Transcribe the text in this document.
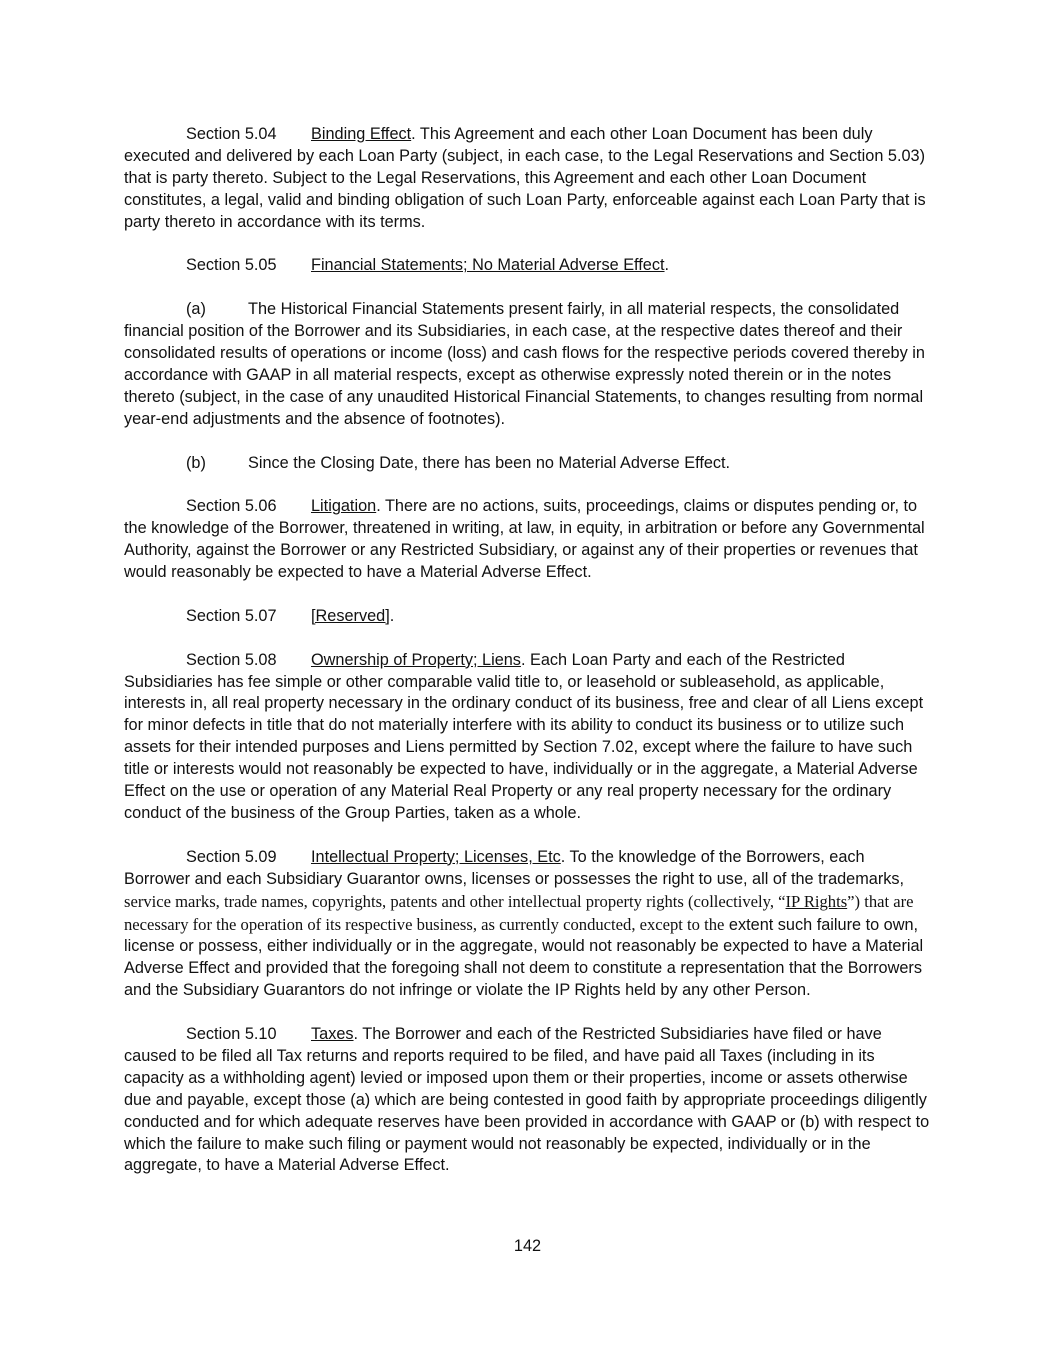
Section 5.04 Binding Effect. This Agreement and each other Loan Document has been duly executed and delivered by each Loan Party (subject, in each case, to the Legal Reservations and Section 5.03) that is party thereto. Subject to the Legal Reservations, this Agreement and each other Loan Document constitutes, a legal, valid and binding obligation of such Loan Party, enforceable against each Loan Party that is party thereto in accordance with its terms.

Section 5.05 Financial Statements; No Material Adverse Effect.

(a)	The Historical Financial Statements present fairly, in all material respects, the consolidated financial position of the Borrower and its Subsidiaries, in each case, at the respective dates thereof and their consolidated results of operations or income (loss) and cash flows for the respective periods covered thereby in accordance with GAAP in all material respects, except as otherwise expressly noted therein or in the notes thereto (subject, in the case of any unaudited Historical Financial Statements, to changes resulting from normal year-end adjustments and the absence of footnotes).

(b)	Since the Closing Date, there has been no Material Adverse Effect.

Section 5.06 Litigation. There are no actions, suits, proceedings, claims or disputes pending or, to the knowledge of the Borrower, threatened in writing, at law, in equity, in arbitration or before any Governmental Authority, against the Borrower or any Restricted Subsidiary, or against any of their properties or revenues that would reasonably be expected to have a Material Adverse Effect.

Section 5.07 [Reserved].

Section 5.08 Ownership of Property; Liens. Each Loan Party and each of the Restricted Subsidiaries has fee simple or other comparable valid title to, or leasehold or subleasehold, as applicable, interests in, all real property necessary in the ordinary conduct of its business, free and clear of all Liens except for minor defects in title that do not materially interfere with its ability to conduct its business or to utilize such assets for their intended purposes and Liens permitted by Section 7.02, except where the failure to have such title or interests would not reasonably be expected to have, individually or in the aggregate, a Material Adverse Effect on the use or operation of any Material Real Property or any real property necessary for the ordinary conduct of the business of the Group Parties, taken as a whole.

Section 5.09 Intellectual Property; Licenses, Etc. To the knowledge of the Borrowers, each Borrower and each Subsidiary Guarantor owns, licenses or possesses the right to use, all of the trademarks, service marks, trade names, copyrights, patents and other intellectual property rights (collectively, “IP Rights”) that are necessary for the operation of its respective business, as currently conducted, except to the extent such failure to own, license or possess, either individually or in the aggregate, would not reasonably be expected to have a Material Adverse Effect and provided that the foregoing shall not deem to constitute a representation that the Borrowers and the Subsidiary Guarantors do not infringe or violate the IP Rights held by any other Person.

Section 5.10 Taxes. The Borrower and each of the Restricted Subsidiaries have filed or have caused to be filed all Tax returns and reports required to be filed, and have paid all Taxes (including in its capacity as a withholding agent) levied or imposed upon them or their properties, income or assets otherwise due and payable, except those (a) which are being contested in good faith by appropriate proceedings diligently conducted and for which adequate reserves have been provided in accordance with GAAP or (b) with respect to which the failure to make such filing or payment would not reasonably be expected, individually or in the aggregate, to have a Material Adverse Effect.

142
